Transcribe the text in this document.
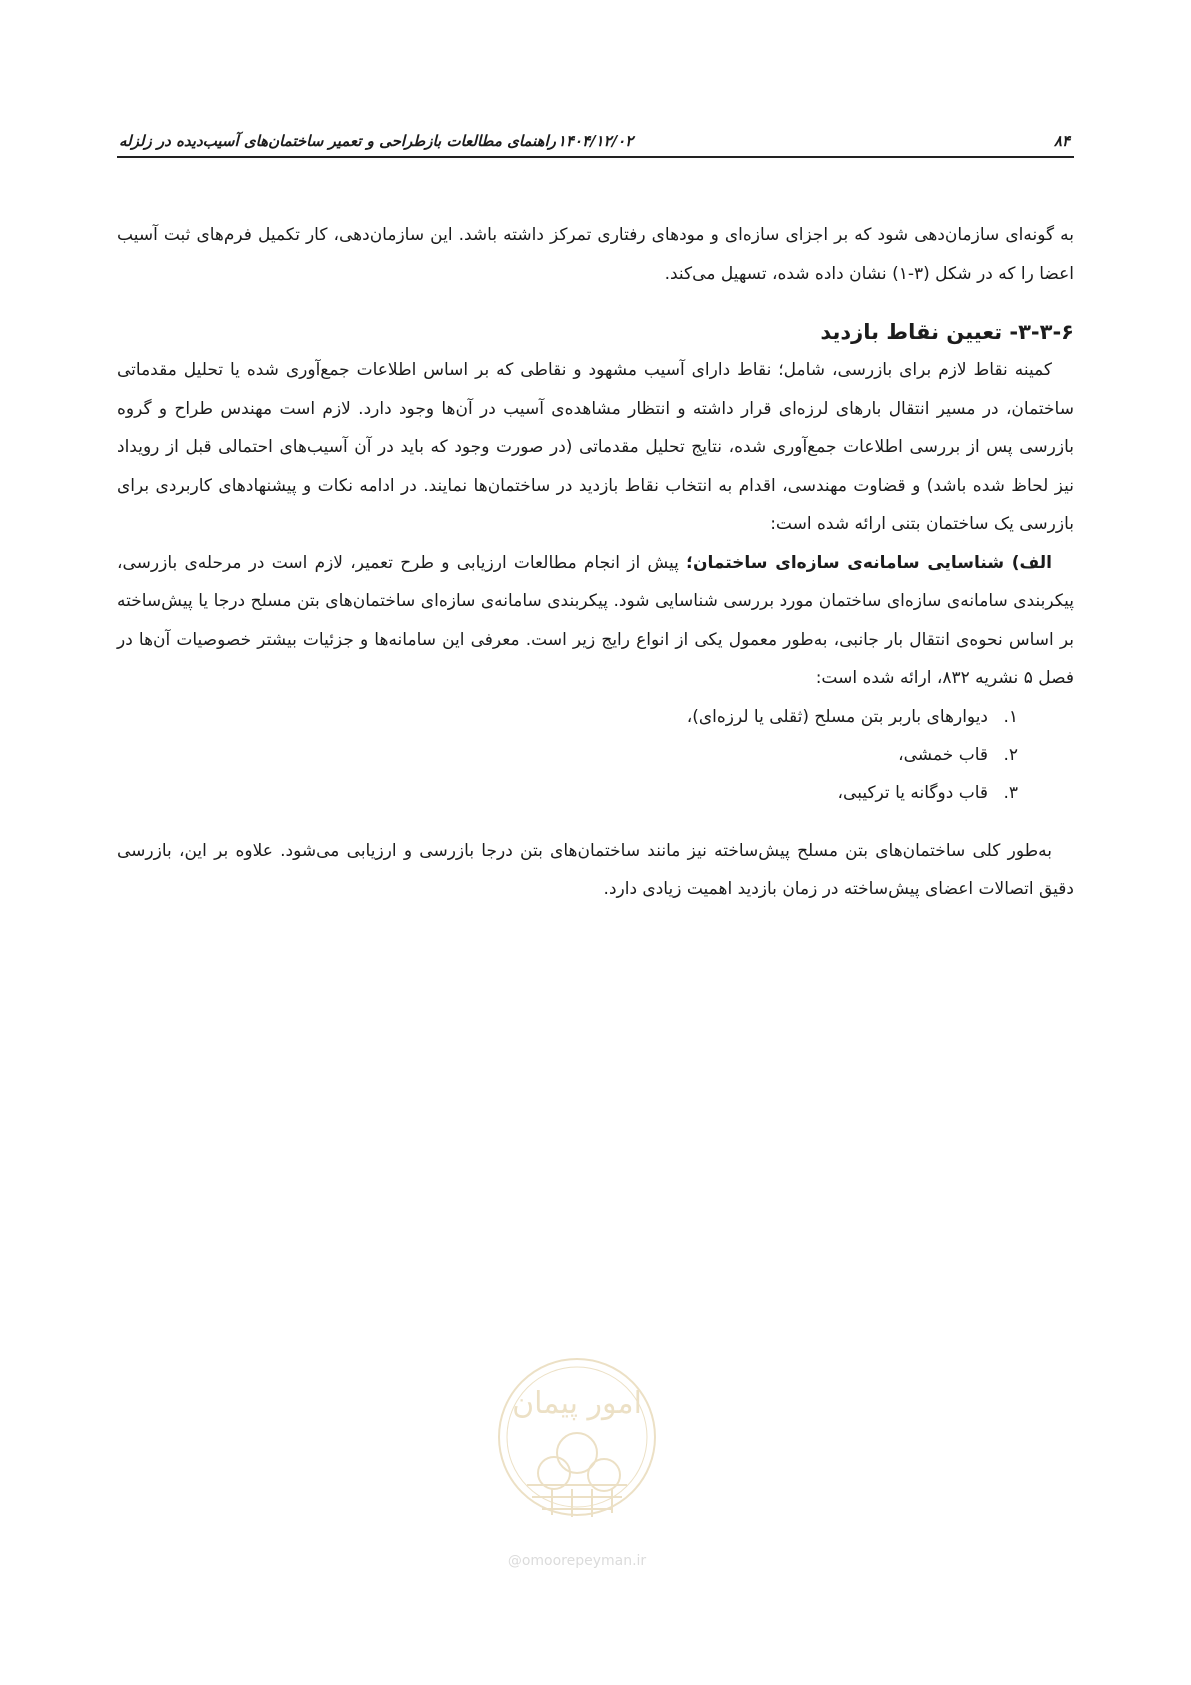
۸۴
۱۴۰۴/۱۲/۰۲
راهنمای مطالعات بازطراحی و تعمیر ساختمان‌های آسیب‌دیده در زلزله

به گونه‌ای سازمان‌دهی شود که بر اجزای سازه‌ای و مودهای رفتاری تمرکز داشته باشد. این سازمان‌دهی، کار تکمیل فرم‌های ثبت آسیب اعضا را که در شکل (۳-۱) نشان داده شده، تسهیل می‌کند.

۳-۳-۶- تعیین نقاط بازدید

کمینه نقاط لازم برای بازرسی، شامل؛ نقاط دارای آسیب مشهود و نقاطی که بر اساس اطلاعات جمع‌آوری شده یا تحلیل مقدماتی ساختمان، در مسیر انتقال بارهای لرزه‌ای قرار داشته و انتظار مشاهده‌ی آسیب در آن‌ها وجود دارد. لازم است مهندس طراح و گروه بازرسی پس از بررسی اطلاعات جمع‌آوری شده، نتایج تحلیل مقدماتی (در صورت وجود که باید در آن آسیب‌های احتمالی قبل از رویداد نیز لحاظ شده باشد) و قضاوت مهندسی، اقدام به انتخاب نقاط بازدید در ساختمان‌ها نمایند. در ادامه نکات و پیشنهادهای کاربردی برای بازرسی یک ساختمان بتنی ارائه شده است:

الف) شناسایی سامانه‌ی سازه‌ای ساختمان؛ پیش از انجام مطالعات ارزیابی و طرح تعمیر، لازم است در مرحله‌ی بازرسی، پیکربندی سامانه‌ی سازه‌ای ساختمان مورد بررسی شناسایی شود. پیکربندی سامانه‌ی سازه‌ای ساختمان‌های بتن مسلح درجا یا پیش‌ساخته بر اساس نحوه‌ی انتقال بار جانبی، به‌طور معمول یکی از انواع رایج زیر است. معرفی این سامانه‌ها و جزئیات بیشتر خصوصیات آن‌ها در فصل ۵ نشریه ۸۳۲، ارائه شده است:

۱.
دیوارهای باربر بتن مسلح (ثقلی یا لرزه‌ای)،
۲.
قاب خمشی،
۳.
قاب دوگانه یا ترکیبی،

به‌طور کلی ساختمان‌های بتن مسلح پیش‌ساخته نیز مانند ساختمان‌های بتن درجا بازرسی و ارزیابی می‌شود. علاوه بر این، بازرسی دقیق اتصالات اعضای پیش‌ساخته در زمان بازدید اهمیت زیادی دارد.

امور پیمان
@omoorepeyman.ir
